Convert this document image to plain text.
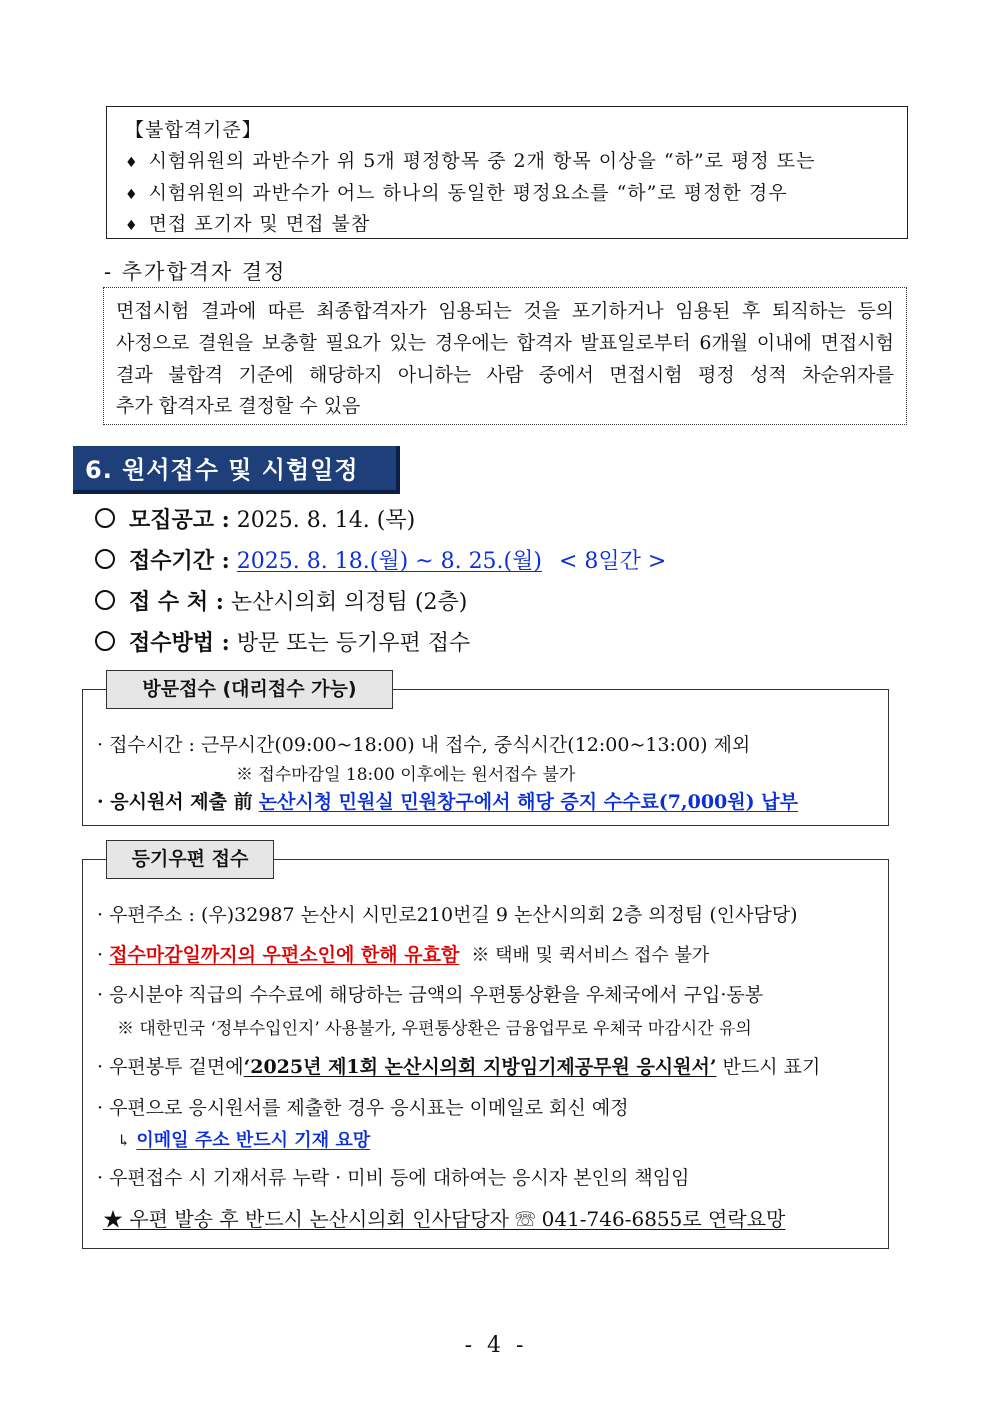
【불합격기준】
♦ 시험위원의 과반수가 위 5개 평정항목 중 2개 항목 이상을 “하”로 평정 또는
♦ 시험위원의 과반수가 어느 하나의 동일한 평정요소를 “하”로 평정한 경우
♦ 면접 포기자 및 면접 불참
- 추가합격자 결정
면접시험 결과에 따른 최종합격자가 임용되는 것을 포기하거나 임용된 후 퇴직하는 등의
사정으로 결원을 보충할 필요가 있는 경우에는 합격자 발표일로부터 6개월 이내에 면접시험
결과 불합격 기준에 해당하지 아니하는 사람 중에서 면접시험 평정 성적 차순위자를
추가 합격자로 결정할 수 있음
6. 원서접수 및 시험일정
모집공고 : 2025. 8. 14. (목)
접수기간 : 2025. 8. 18.(월) ~ 8. 25.(월) < 8일간 >
접 수 처 : 논산시의회 의정팀 (2층)
접수방법 : 방문 또는 등기우편 접수
방문접수 (대리접수 가능)
· 접수시간 : 근무시간(09:00~18:00) 내 접수, 중식시간(12:00~13:00) 제외
※ 접수마감일 18:00 이후에는 원서접수 불가
· 응시원서 제출 前 논산시청 민원실 민원창구에서 해당 증지 수수료(7,000원) 납부
등기우편 접수
· 우편주소 : (우)32987 논산시 시민로210번길 9 논산시의회 2층 의정팀 (인사담당)
· 접수마감일까지의 우편소인에 한해 유효함 ※ 택배 및 퀵서비스 접수 불가
· 응시분야 직급의 수수료에 해당하는 금액의 우편통상환을 우체국에서 구입·동봉
※ 대한민국 ‘정부수입인지’ 사용불가, 우편통상환은 금융업무로 우체국 마감시간 유의
· 우편봉투 겉면에‘2025년 제1회 논산시의회 지방임기제공무원 응시원서’ 반드시 표기
· 우편으로 응시원서를 제출한 경우 응시표는 이메일로 회신 예정
↳ 이메일 주소 반드시 기재 요망
· 우편접수 시 기재서류 누락 · 미비 등에 대하여는 응시자 본인의 책임임
★ 우편 발송 후 반드시 논산시의회 인사담당자 ☏ 041-746-6855로 연락요망
- 4 -
